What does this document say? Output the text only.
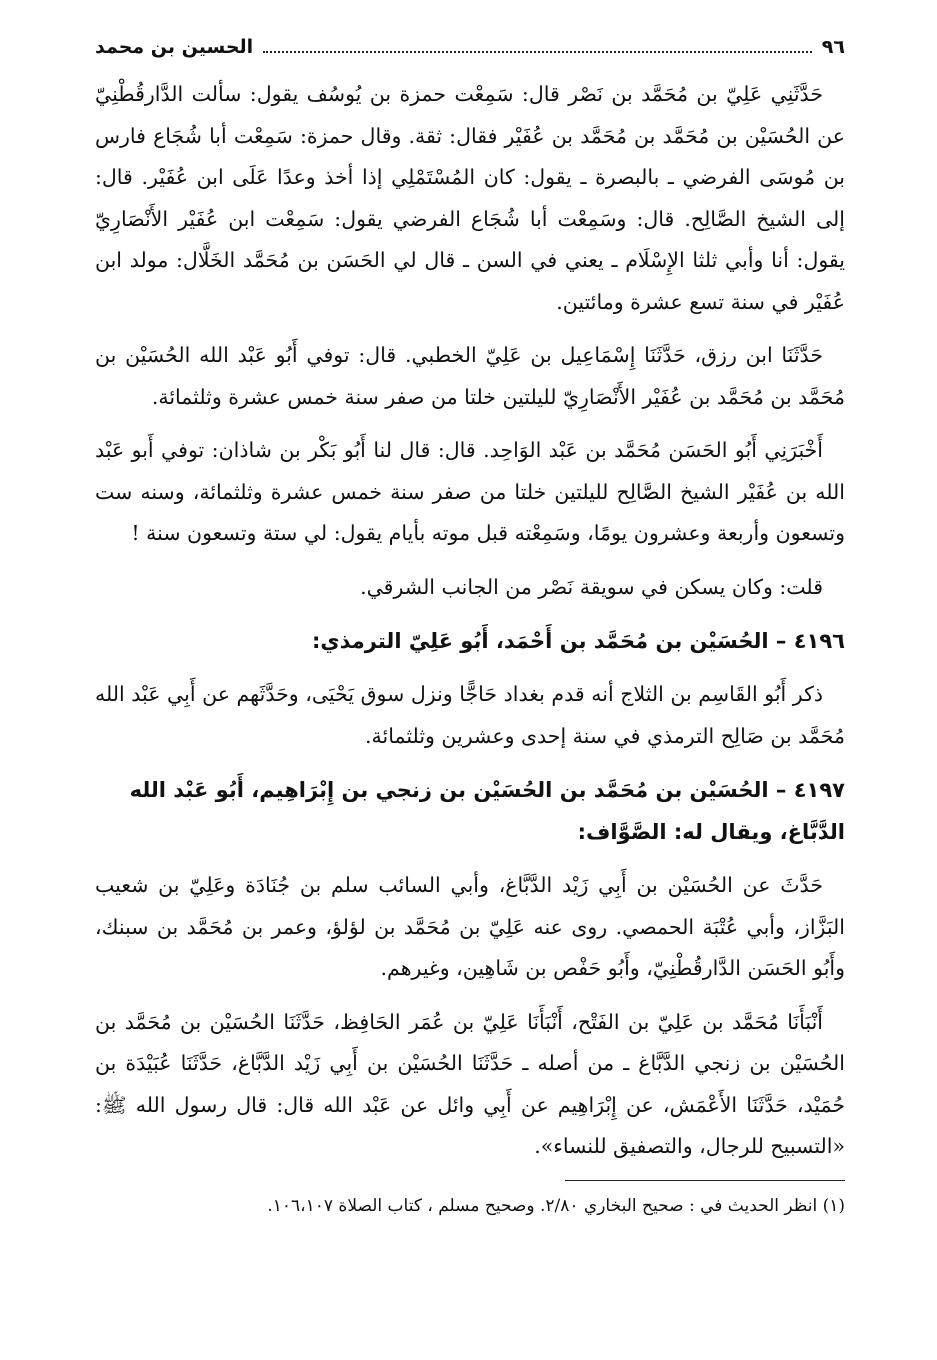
٩٦
الحسين بن محمد

حَدَّثَنِي عَلِيّ بن مُحَمَّد بن نَصْر قال: سَمِعْت حمزة بن يُوسُف يقول: سألت الدَّارقُطْنِيّ عن الحُسَيْن بن مُحَمَّد بن مُحَمَّد بن عُفَيْر فقال: ثقة. وقال حمزة: سَمِعْت أبا شُجَاع فارس بن مُوسَى الفرضي ـ بالبصرة ـ يقول: كان المُسْتَمْلِي إذا أخذ وعدًا عَلَى ابن عُفَيْر. قال: إلى الشيخ الصَّالِح. قال: وسَمِعْت أبا شُجَاع الفرضي يقول: سَمِعْت ابن عُفَيْر الأَنْصَارِيّ يقول: أنا وأبي ثلثا الإِسْلَام ـ يعني في السن ـ قال لي الحَسَن بن مُحَمَّد الخَلَّال: مولد ابن عُفَيْر في سنة تسع عشرة ومائتين.

حَدَّثَنَا ابن رزق، حَدَّثَنَا إِسْمَاعِيل بن عَلِيّ الخطبي. قال: توفي أَبُو عَبْد الله الحُسَيْن بن مُحَمَّد بن مُحَمَّد بن عُفَيْر الأَنْصَارِيّ لليلتين خلتا من صفر سنة خمس عشرة وثلثمائة.

أَخْبَرَنِي أَبُو الحَسَن مُحَمَّد بن عَبْد الوَاحِد. قال: قال لنا أَبُو بَكْر بن شاذان: توفي أَبو عَبْد الله بن عُفَيْر الشيخ الصَّالِح لليلتين خلتا من صفر سنة خمس عشرة وثلثمائة، وسنه ست وتسعون وأربعة وعشرون يومًا، وسَمِعْته قبل موته بأيام يقول: لي ستة وتسعون سنة !

قلت: وكان يسكن في سويقة نَصْر من الجانب الشرقي.

٤١٩٦ – الحُسَيْن بن مُحَمَّد بن أَحْمَد، أَبُو عَلِيّ الترمذي:

ذكر أَبُو القَاسِم بن الثلاج أنه قدم بغداد حَاجًّا ونزل سوق يَحْيَى، وحَدَّثَهم عن أَبِي عَبْد الله مُحَمَّد بن صَالِح الترمذي في سنة إحدى وعشرين وثلثمائة.

٤١٩٧ – الحُسَيْن بن مُحَمَّد بن الحُسَيْن بن زنجي بن إِبْرَاهِيم، أَبُو عَبْد الله الدَّبَّاغ، ويقال له: الصَّوَّاف:

حَدَّثَ عن الحُسَيْن بن أَبِي زَيْد الدَّبَّاغ، وأبي السائب سلم بن جُنَادَة وعَلِيّ بن شعيب البَزَّاز، وأبي عُتْبَة الحمصي. روى عنه عَلِيّ بن مُحَمَّد بن لؤلؤ، وعمر بن مُحَمَّد بن سبنك، وأَبُو الحَسَن الدَّارقُطْنِيّ، وأَبُو حَفْص بن شَاهِين، وغيرهم.

أَنْبَأَنَا مُحَمَّد بن عَلِيّ بن الفَتْح، أَنْبَأَنَا عَلِيّ بن عُمَر الحَافِظ، حَدَّثَنَا الحُسَيْن بن مُحَمَّد بن الحُسَيْن بن زنجي الدَّبَّاغ ـ من أصله ـ حَدَّثَنَا الحُسَيْن بن أَبِي زَيْد الدَّبَّاغ، حَدَّثَنَا عُبَيْدَة بن حُمَيْد، حَدَّثَنَا الأَعْمَش، عن إِبْرَاهِيم عن أَبِي وائل عن عَبْد الله قال: قال رسول الله ﷺ: «التسبيح للرجال، والتصفيق للنساء».

(١) انظر الحديث في : صحيح البخاري ٢/٨٠. وصحيح مسلم ، كتاب الصلاة ١٠٦،١٠٧.
